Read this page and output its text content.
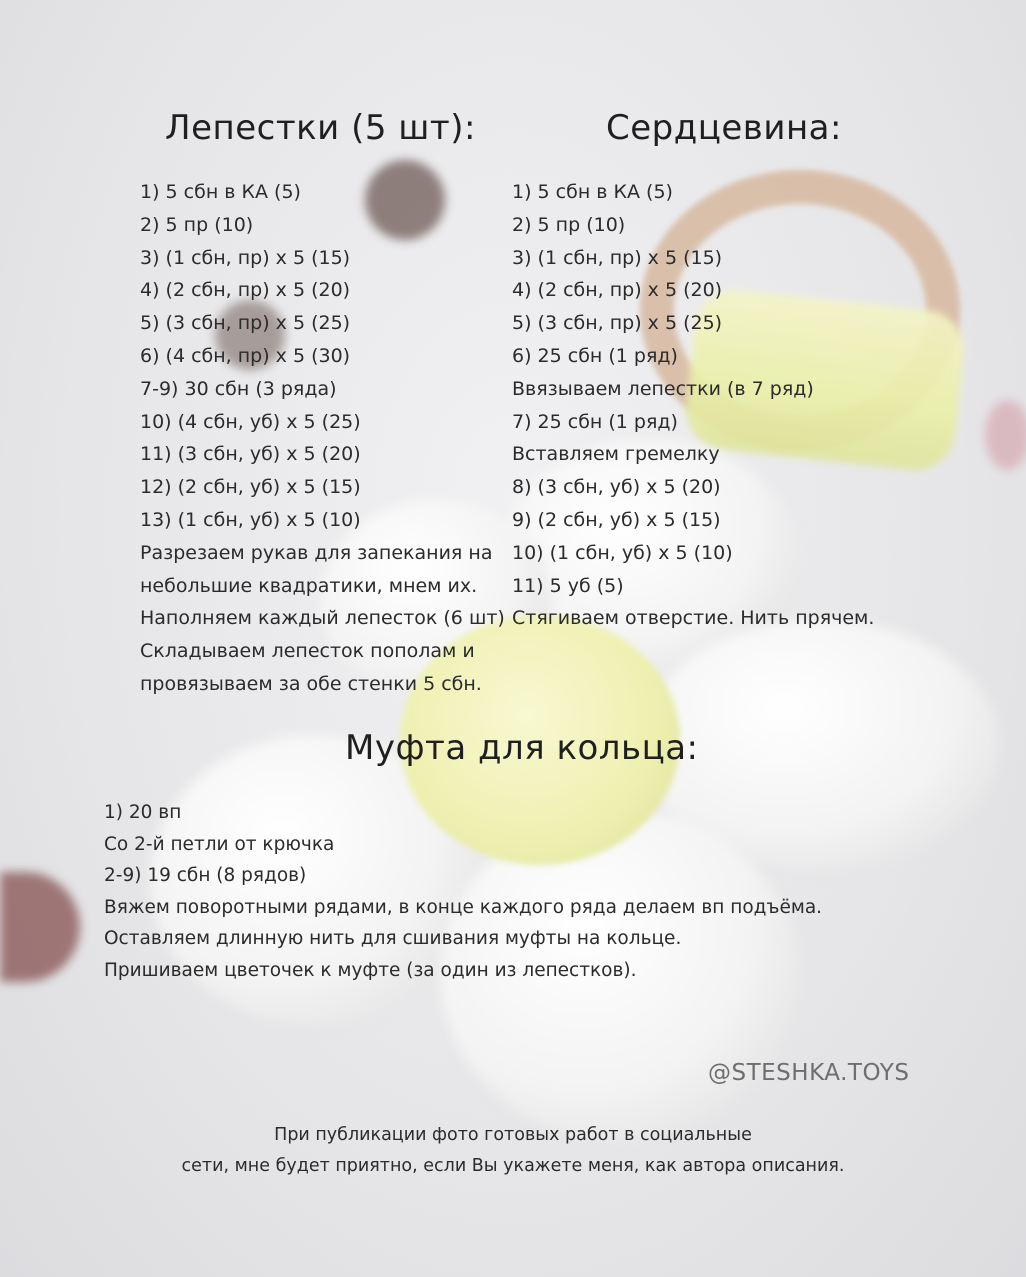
Лепестки (5 шт):	Сердцевина:
1) 5 сбн в КА (5)
2) 5 пр (10)
3) (1 сбн, пр) х 5 (15)
4) (2 сбн, пр) х 5 (20)
5) (3 сбн, пр) х 5 (25)
6) (4 сбн, пр) х 5 (30)
7-9) 30 сбн (3 ряда)
10) (4 сбн, уб) х 5 (25)
11) (3 сбн, уб) х 5 (20)
12) (2 сбн, уб) х 5 (15)
13) (1 сбн, уб) х 5 (10)
Разрезаем рукав для запекания на
небольшие квадратики, мнем их.
Наполняем каждый лепесток (6 шт)
Складываем лепесток пополам и
провязываем за обе стенки 5 сбн.
1) 5 сбн в КА (5)
2) 5 пр (10)
3) (1 сбн, пр) х 5 (15)
4) (2 сбн, пр) х 5 (20)
5) (3 сбн, пр) х 5 (25)
6) 25 сбн (1 ряд)
Ввязываем лепестки (в 7 ряд)
7) 25 сбн (1 ряд)
Вставляем гремелку
8) (3 сбн, уб) х 5 (20)
9) (2 сбн, уб) х 5 (15)
10) (1 сбн, уб) х 5 (10)
11) 5 уб (5)
Стягиваем отверстие. Нить прячем.
Муфта для кольца:
1) 20 вп
Со 2-й петли от крючка
2-9) 19 сбн (8 рядов)
Вяжем поворотными рядами, в конце каждого ряда делаем вп подъёма.
Оставляем длинную нить для сшивания муфты на кольце.
Пришиваем цветочек к муфте (за один из лепестков).
@STESHKA.TOYS
При публикации фото готовых работ в социальные
сети, мне будет приятно, если Вы укажете меня, как автора описания.
